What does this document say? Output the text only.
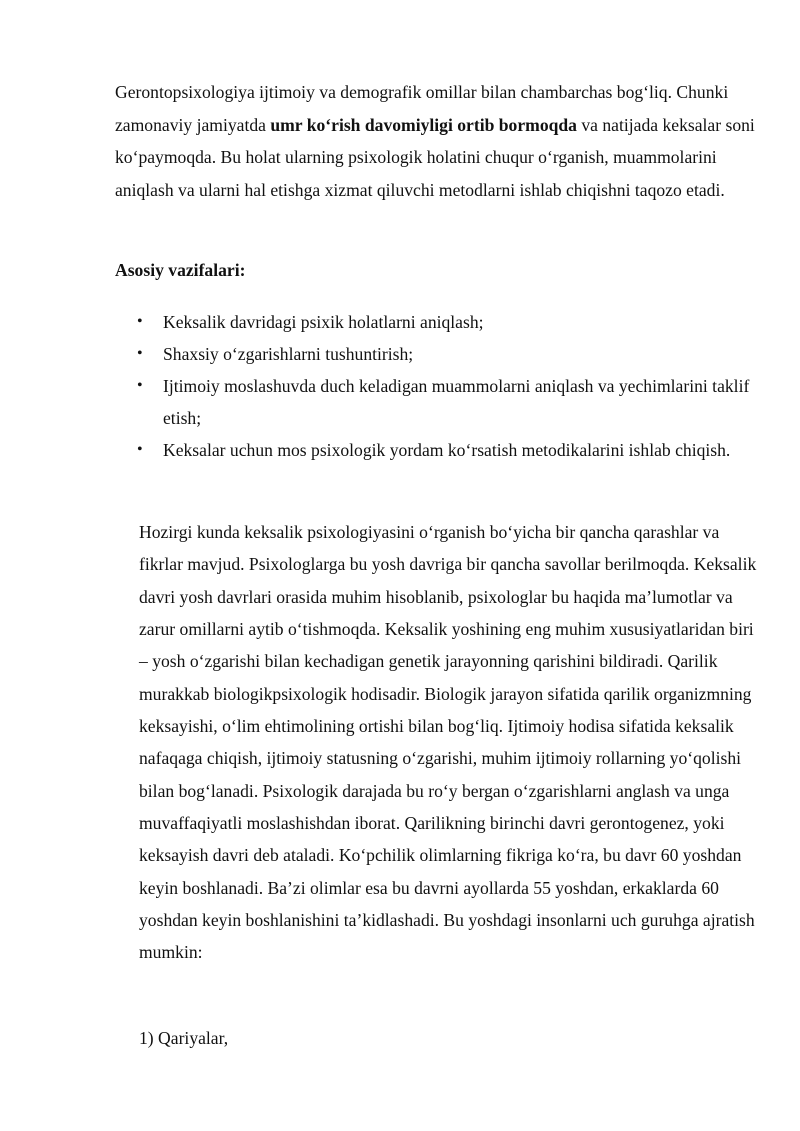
Gerontopsixologiya ijtimoiy va demografik omillar bilan chambarchas bog‘liq. Chunki zamonaviy jamiyatda umr ko‘rish davomiyligi ortib bormoqda va natijada keksalar soni ko‘paymoqda. Bu holat ularning psixologik holatini chuqur o‘rganish, muammolarini aniqlash va ularni hal etishga xizmat qiluvchi metodlarni ishlab chiqishni taqozo etadi.

Asosiy vazifalari:

• Keksalik davridagi psixik holatlarni aniqlash;
• Shaxsiy o‘zgarishlarni tushuntirish;
• Ijtimoiy moslashuvda duch keladigan muammolarni aniqlash va yechimlarini taklif etish;
• Keksalar uchun mos psixologik yordam ko‘rsatish metodikalarini ishlab chiqish.

Hozirgi kunda keksalik psixologiyasini o‘rganish bo‘yicha bir qancha qarashlar va fikrlar mavjud. Psixologlarga bu yosh davriga bir qancha savollar berilmoqda. Keksalik davri yosh davrlari orasida muhim hisoblanib, psixologlar bu haqida ma’lumotlar va zarur omillarni aytib o‘tishmoqda. Keksalik yoshining eng muhim xususiyatlaridan biri – yosh o‘zgarishi bilan kechadigan genetik jarayonning qarishini bildiradi. Qarilik murakkab biologikpsixologik hodisadir. Biologik jarayon sifatida qarilik organizmning keksayishi, o‘lim ehtimolining ortishi bilan bog‘liq. Ijtimoiy hodisa sifatida keksalik nafaqaga chiqish, ijtimoiy statusning o‘zgarishi, muhim ijtimoiy rollarning yo‘qolishi bilan bog‘lanadi. Psixologik darajada bu ro‘y bergan o‘zgarishlarni anglash va unga muvaffaqiyatli moslashishdan iborat. Qarilikning birinchi davri gerontogenez, yoki keksayish davri deb ataladi. Ko‘pchilik olimlarning fikriga ko‘ra, bu davr 60 yoshdan keyin boshlanadi. Ba’zi olimlar esa bu davrni ayollarda 55 yoshdan, erkaklarda 60 yoshdan keyin boshlanishini ta’kidlashadi. Bu yoshdagi insonlarni uch guruhga ajratish mumkin:

1) Qariyalar,
